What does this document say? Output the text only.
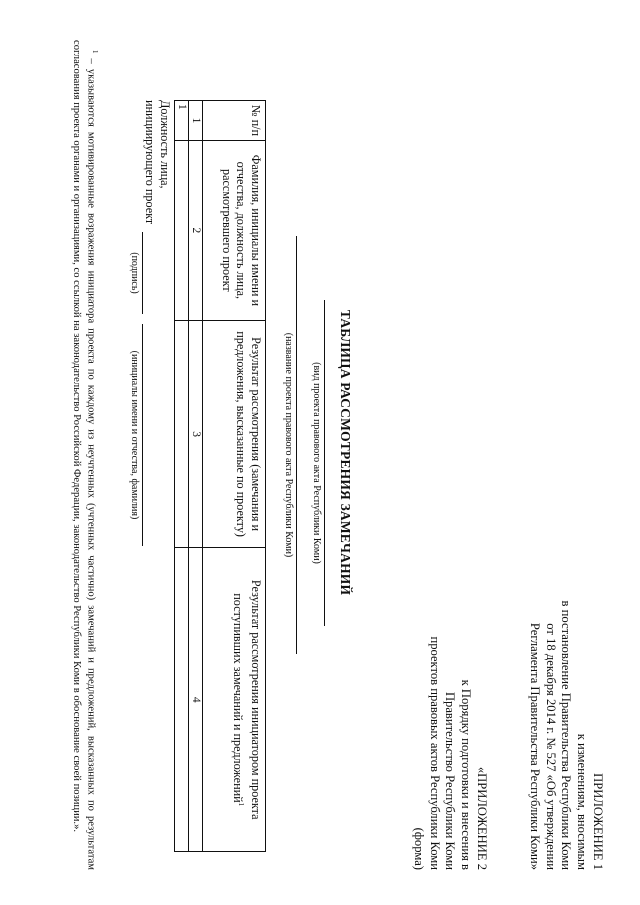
ПРИЛОЖЕНИЕ 1
к изменениям, вносимым
в постановление Правительства Республики Коми
от 18 декабря 2014 г. № 527 «Об утверждении
Регламента Правительства Республики Коми»
«ПРИЛОЖЕНИЕ 2
к Порядку подготовки и внесения в
Правительство Республики Коми
проектов правовых актов Республики Коми
(форма)
ТАБЛИЦА РАССМОТРЕНИЯ ЗАМЕЧАНИЙ
(вид проекта правового акта Республики Коми)
(название проекта правового акта Республики Коми)
№ п/п	Фамилия, инициалы имени и отчества, должность лица, рассмотревшего проект	Результат рассмотрения (замечания и предложения, высказанные по проекту)	Результат рассмотрения инициатором проекта поступивших замечаний и предложений$^1$
1	2	3	4
1			
Должность лица,
инициирующего проект
(подпись)
(инициалы имени и отчества, фамилия)
$^1$ – указываются мотивированные возражения инициатора проекта по каждому из неучтенных (учтенных частично) замечаний и предложений, высказанных по результатам согласования проекта органами и организациями, со ссылкой на законодательство Российской Федерации, законодательство Республики Коми в обоснование своей позиции.».
